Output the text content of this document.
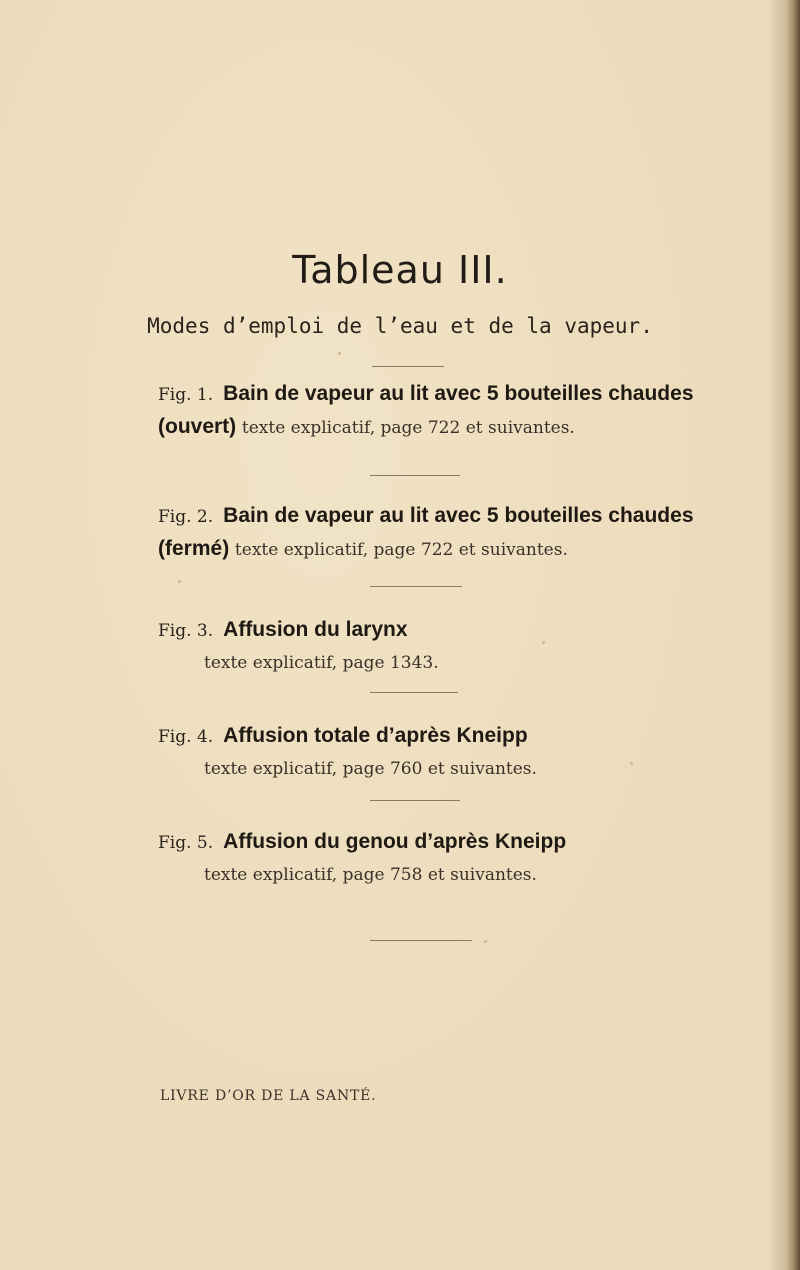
Tableau III.
Modes d’emploi de l’eau et de la vapeur.
Fig. 1. Bain de vapeur au lit avec 5 bouteilles chaudes
(ouvert) texte explicatif, page 722 et suivantes.
Fig. 2. Bain de vapeur au lit avec 5 bouteilles chaudes
(fermé) texte explicatif, page 722 et suivantes.
Fig. 3. Affusion du larynx
texte explicatif, page 1343.
Fig. 4. Affusion totale d’après Kneipp
texte explicatif, page 760 et suivantes.
Fig. 5. Affusion du genou d’après Kneipp
texte explicatif, page 758 et suivantes.
LIVRE D’OR DE LA SANTÉ.
